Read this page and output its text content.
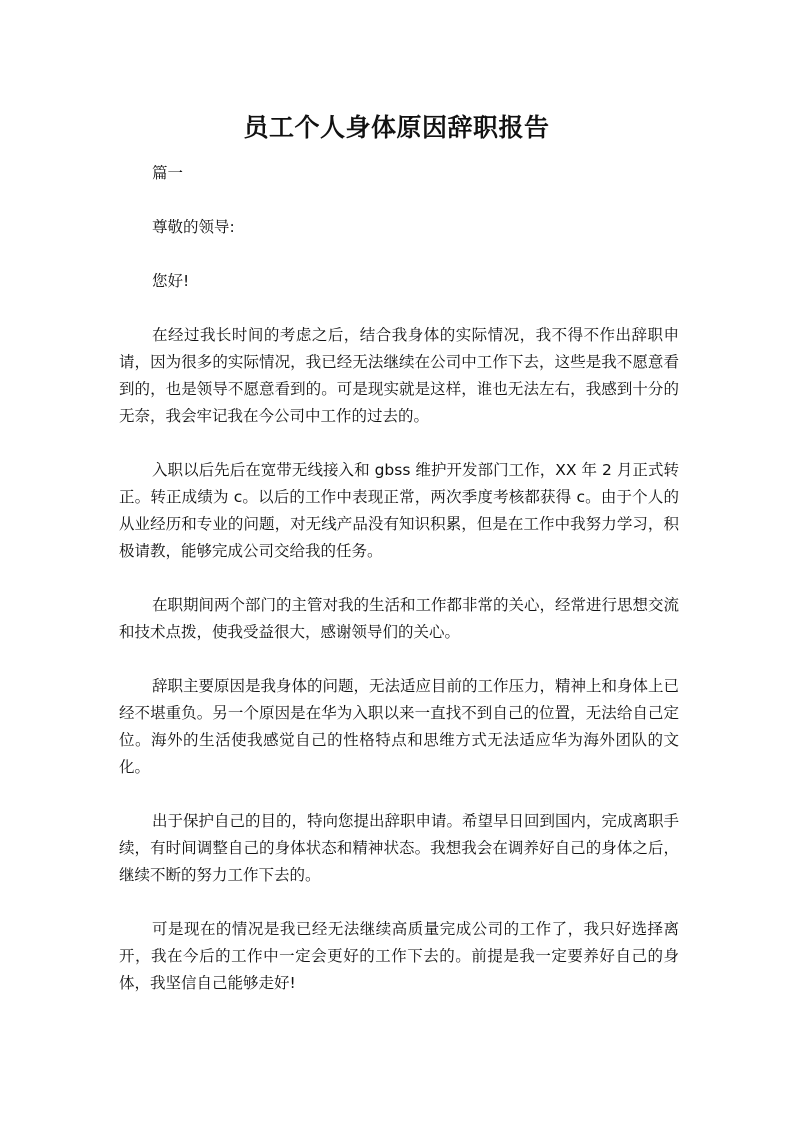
员工个人身体原因辞职报告

篇一

尊敬的领导:

您好!

在经过我长时间的考虑之后，结合我身体的实际情况，我不得不作出辞职申请，因为很多的实际情况，我已经无法继续在公司中工作下去，这些是我不愿意看到的，也是领导不愿意看到的。可是现实就是这样，谁也无法左右，我感到十分的无奈，我会牢记我在今公司中工作的过去的。

入职以后先后在宽带无线接入和 gbss 维护开发部门工作，XX 年 2 月正式转正。转正成绩为 c。以后的工作中表现正常，两次季度考核都获得 c。由于个人的从业经历和专业的问题，对无线产品没有知识积累，但是在工作中我努力学习，积极请教，能够完成公司交给我的任务。

在职期间两个部门的主管对我的生活和工作都非常的关心，经常进行思想交流和技术点拨，使我受益很大，感谢领导们的关心。

辞职主要原因是我身体的问题，无法适应目前的工作压力，精神上和身体上已经不堪重负。另一个原因是在华为入职以来一直找不到自己的位置，无法给自己定位。海外的生活使我感觉自己的性格特点和思维方式无法适应华为海外团队的文化。

出于保护自己的目的，特向您提出辞职申请。希望早日回到国内，完成离职手续，有时间调整自己的身体状态和精神状态。我想我会在调养好自己的身体之后，继续不断的努力工作下去的。

可是现在的情况是我已经无法继续高质量完成公司的工作了，我只好选择离开，我在今后的工作中一定会更好的工作下去的。前提是我一定要养好自己的身体，我坚信自己能够走好!
